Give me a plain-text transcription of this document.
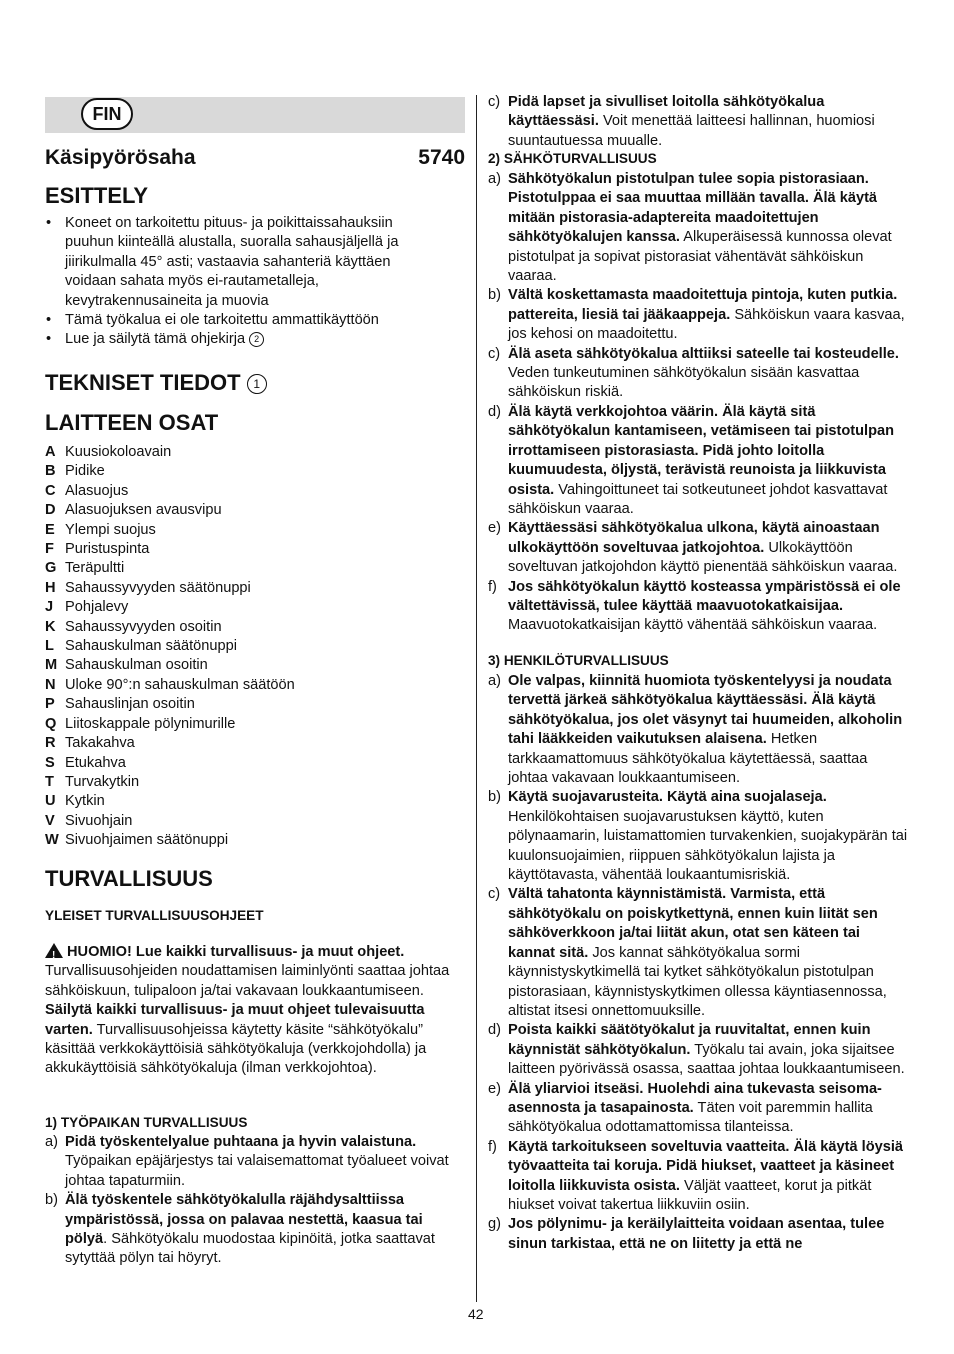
FIN
Käsipyörösaha	5740
ESITTELY
• Koneet on tarkoitettu pituus- ja poikittaissahauksiin puuhun kiinteällä alustalla, suoralla sahausjäljellä ja jiirikulmalla 45° asti; vastaavia sahanteriä käyttäen voidaan sahata myös ei-rautametalleja, kevytrakennusaineita ja muovia
• Tämä työkalua ei ole tarkoitettu ammattikäyttöön
• Lue ja säilytä tämä ohjekirja 2
TEKNISET TIEDOT 1
LAITTEEN OSAT
A Kuusiokoloavain
B Pidike
C Alasuojus
D Alasuojuksen avausvipu
E Ylempi suojus
F Puristuspinta
G Teräpultti
H Sahaussyvyyden säätönuppi
J Pohjalevy
K Sahaussyvyyden osoitin
L Sahauskulman säätönuppi
M Sahauskulman osoitin
N Uloke 90°:n sahauskulman säätöön
P Sahauslinjan osoitin
Q Liitoskappale pölynimurille
R Takakahva
S Etukahva
T Turvakytkin
U Kytkin
V Sivuohjain
W Sivuohjaimen säätönuppi
TURVALLISUUS
YLEISET TURVALLISUUSOHJEET
!HUOMIO! Lue kaikki turvallisuus- ja muut ohjeet. Turvallisuusohjeiden noudattamisen laiminlyönti saattaa johtaa sähköiskuun, tulipaloon ja/tai vakavaan loukkaantumiseen. Säilytä kaikki turvallisuus- ja muut ohjeet tulevaisuutta varten. Turvallisuusohjeissa käytetty käsite “sähkötyökalu” käsittää verkkokäyttöisiä sähkötyökaluja (verkkojohdolla) ja akkukäyttöisiä sähkötyökaluja (ilman verkkojohtoa).
1) TYÖPAIKAN TURVALLISUUS
a) Pidä työskentelyalue puhtaana ja hyvin valaistuna. Työpaikan epäjärjestys tai valaisemattomat työalueet voivat johtaa tapaturmiin.
b) Älä työskentele sähkötyökalulla räjähdysalttiissa ympäristössä, jossa on palavaa nestettä, kaasua tai pölyä. Sähkötyökalu muodostaa kipinöitä, jotka saattavat sytyttää pölyn tai höyryt.
c) Pidä lapset ja sivulliset loitolla sähkötyökalua käyttäessäsi. Voit menettää laitteesi hallinnan, huomiosi suuntautuessa muualle.
2) SÄHKÖTURVALLISUUS
a) Sähkötyökalun pistotulpan tulee sopia pistorasiaan. Pistotulppaa ei saa muuttaa millään tavalla. Älä käytä mitään pistorasia-adaptereita maadoitettujen sähkötyökalujen kanssa. Alkuperäisessä kunnossa olevat pistotulpat ja sopivat pistorasiat vähentävät sähköiskun vaaraa.
b) Vältä koskettamasta maadoitettuja pintoja, kuten putkia. pattereita, liesiä tai jääkaappeja. Sähköiskun vaara kasvaa, jos kehosi on maadoitettu.
c) Älä aseta sähkötyökalua alttiiksi sateelle tai kosteudelle. Veden tunkeutuminen sähkötyökalun sisään kasvattaa sähköiskun riskiä.
d) Älä käytä verkkojohtoa väärin. Älä käytä sitä sähkötyökalun kantamiseen, vetämiseen tai pistotulpan irrottamiseen pistorasiasta. Pidä johto loitolla kuumuudesta, öljystä, terävistä reunoista ja liikkuvista osista. Vahingoittuneet tai sotkeutuneet johdot kasvattavat sähköiskun vaaraa.
e) Käyttäessäsi sähkötyökalua ulkona, käytä ainoastaan ulkokäyttöön soveltuvaa jatkojohtoa. Ulkokäyttöön soveltuvan jatkojohdon käyttö pienentää sähköiskun vaaraa.
f) Jos sähkötyökalun käyttö kosteassa ympäristössä ei ole vältettävissä, tulee käyttää maavuotokatkaisijaa. Maavuotokatkaisijan käyttö vähentää sähköiskun vaaraa.
3) HENKILÖTURVALLISUUS
a) Ole valpas, kiinnitä huomiota työskentelyysi ja noudata tervettä järkeä sähkötyökalua käyttäessäsi. Älä käytä sähkötyökalua, jos olet väsynyt tai huumeiden, alkoholin tahi lääkkeiden vaikutuksen alaisena. Hetken tarkkaamattomuus sähkötyökalua käytettäessä, saattaa johtaa vakavaan loukkaantumiseen.
b) Käytä suojavarusteita. Käytä aina suojalaseja. Henkilökohtaisen suojavarustuksen käyttö, kuten pölynaamarin, luistamattomien turvakenkien, suojakypärän tai kuulonsuojaimien, riippuen sähkötyökalun lajista ja käyttötavasta, vähentää loukaantumisriskiä.
c) Vältä tahatonta käynnistämistä. Varmista, että sähkötyökalu on poiskytkettynä, ennen kuin liität sen sähköverkkoon ja/tai liität akun, otat sen käteen tai kannat sitä. Jos kannat sähkötyökalua sormi käynnistyskytkimellä tai kytket sähkötyökalun pistotulpan pistorasiaan, käynnistyskytkimen ollessa käyntiasennossa, altistat itsesi onnettomuuksille.
d) Poista kaikki säätötyökalut ja ruuvitaltat, ennen kuin käynnistät sähkötyökalun. Työkalu tai avain, joka sijaitsee laitteen pyörivässä osassa, saattaa johtaa loukkaantumiseen.
e) Älä yliarvioi itseäsi. Huolehdi aina tukevasta seisoma-asennosta ja tasapainosta. Täten voit paremmin hallita sähkötyökalua odottamattomissa tilanteissa.
f) Käytä tarkoitukseen soveltuvia vaatteita. Älä käytä löysiä työvaatteita tai koruja. Pidä hiukset, vaatteet ja käsineet loitolla liikkuvista osista. Väljät vaatteet, korut ja pitkät hiukset voivat takertua liikkuviin osiin.
g) Jos pölynimu- ja keräilylaitteita voidaan asentaa, tulee sinun tarkistaa, että ne on liitetty ja että ne
42
